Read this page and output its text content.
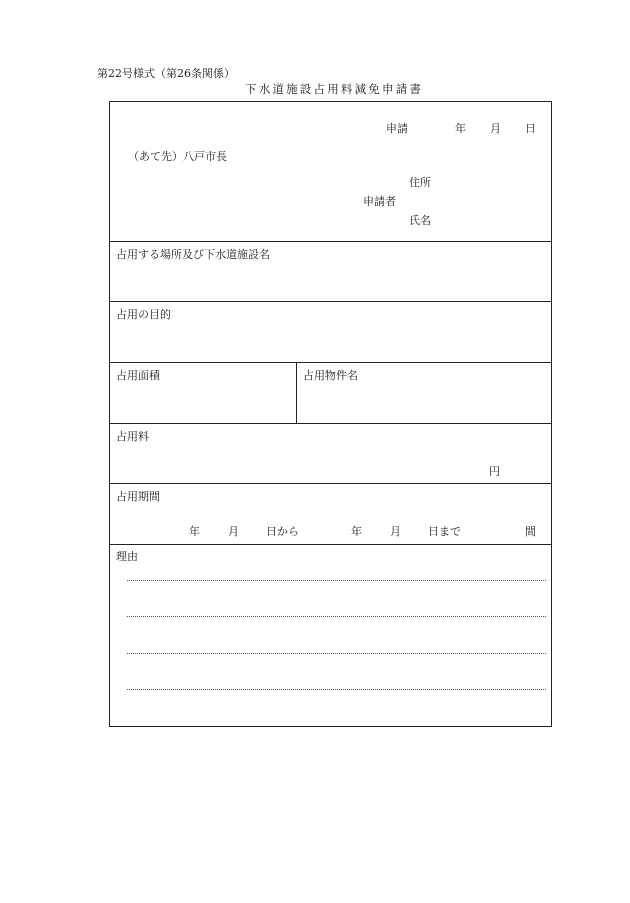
第22号様式（第26条関係）
下水道施設占用料減免申請書
申請	年 月 日
（あて先）八戸市長
住所
申請者
氏名
占用する場所及び下水道施設名
占用の目的
占用面積	占用物件名
占用料
円
占用期間
年	月 日から	年	月 日まで	間
理由
